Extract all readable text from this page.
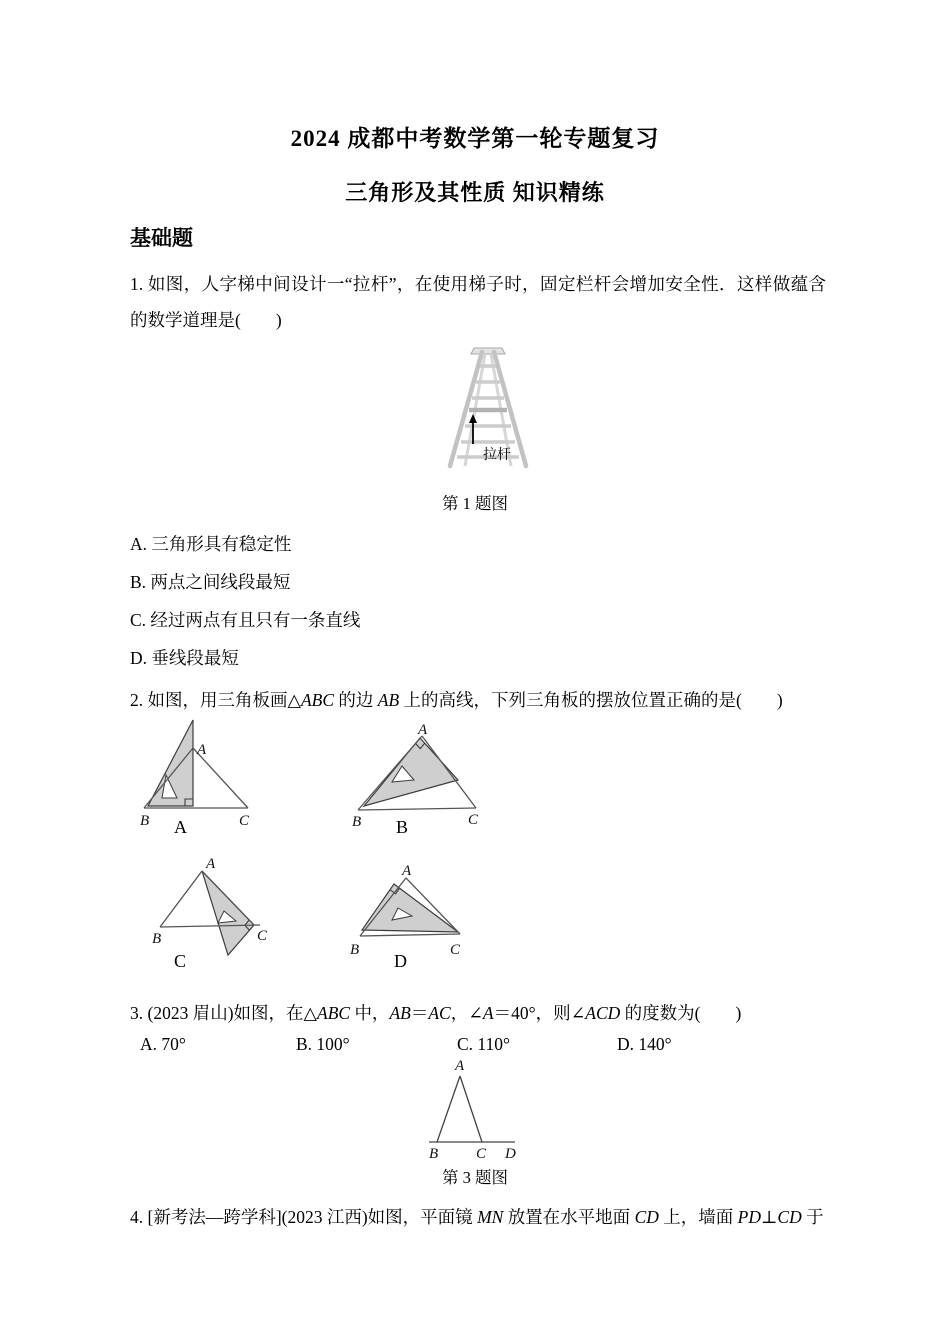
2024 成都中考数学第一轮专题复习
三角形及其性质 知识精练
基础题
1. 如图，人字梯中间设计一“拉杆”，在使用梯子时，固定栏杆会增加安全性．这样做蕴含的数学道理是(　　)
拉杆
第 1 题图
A. 三角形具有稳定性
B. 两点之间线段最短
C. 经过两点有且只有一条直线
D. 垂线段最短
2. 如图，用三角板画△ABC 的边 AB 上的高线，下列三角板的摆放位置正确的是(　　)
A
B	C
A
A
B	C
B
A
B	C
C
A
B	C
D
3. (2023 眉山)如图，在△ABC 中，AB＝AC，∠A＝40°，则∠ACD 的度数为(　　)
A. 70°	B. 100°	C. 110°	D. 140°
A
B	C D
第 3 题图
4. [新考法—跨学科](2023 江西)如图，平面镜 MN 放置在水平地面 CD 上，墙面 PD⊥CD 于
